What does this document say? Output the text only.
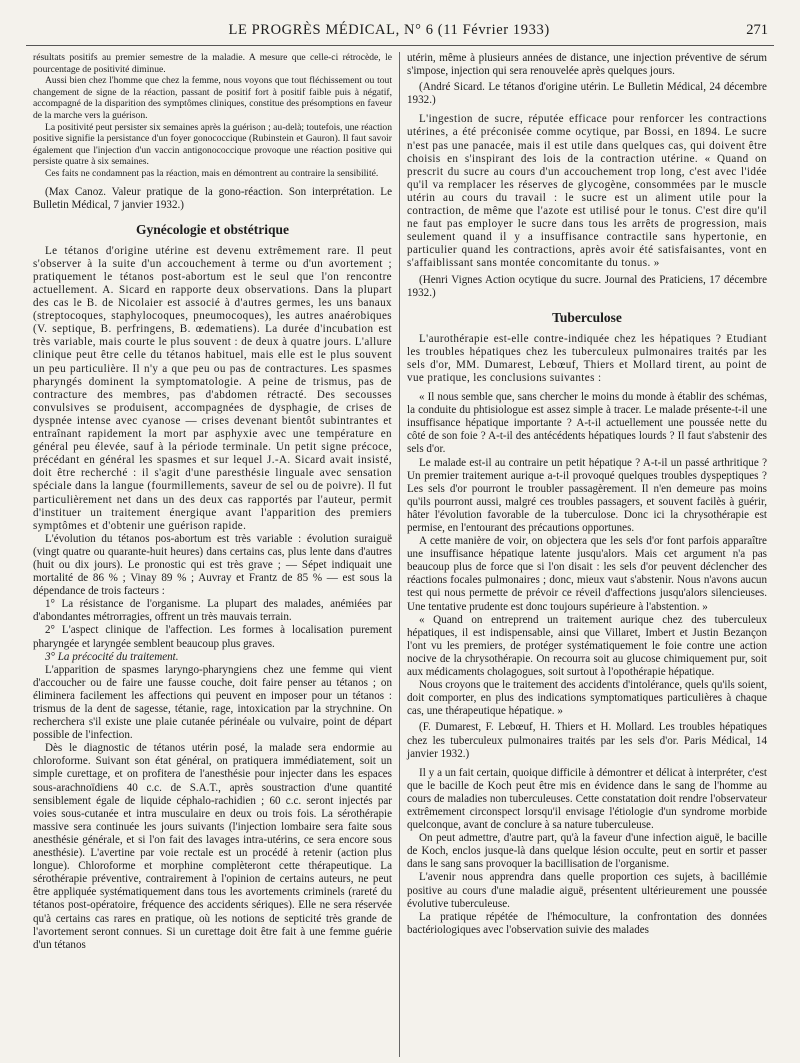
LE PROGRÈS MÉDICAL, N° 6 (11 Février 1933)	271

résultats positifs au premier semestre de la maladie. A mesure que celle-ci rétrocède, le pourcentage de positivité diminue.

Aussi bien chez l'homme que chez la femme, nous voyons que tout fléchissement ou tout changement de signe de la réaction, passant de positif fort à positif faible puis à négatif, accompagné de la disparition des symptômes cliniques, constitue des présomptions en faveur de la marche vers la guérison.

La positivité peut persister six semaines après la guérison ; au-delà; toutefois, une réaction positive signifie la persistance d'un foyer gonococcique (Rubinstein et Gauron). Il faut savoir également que l'injection d'un vaccin antigonococcique provoque une réaction positive qui persiste quatre à six semaines.

Ces faits ne condamnent pas la réaction, mais en démontrent au contraire la sensibilité.

(Max Canoz. Valeur pratique de la gono-réaction. Son interprétation. Le Bulletin Médical, 7 janvier 1932.)

Gynécologie et obstétrique

Le tétanos d'origine utérine est devenu extrêmement rare. Il peut s'observer à la suite d'un accouchement à terme ou d'un avortement ; pratiquement le tétanos post-abortum est le seul que l'on rencontre actuellement. A. Sicard en rapporte deux observations. Dans la plupart des cas le B. de Nicolaier est associé à d'autres germes, les uns banaux (streptocoques, staphylocoques, pneumocoques), les autres anaérobiques (V. septique, B. perfringens, B. œdematiens). La durée d'incubation est très variable, mais courte le plus souvent : de deux à quatre jours. L'allure clinique peut être celle du tétanos habituel, mais elle est le plus souvent un peu particulière. Il n'y a que peu ou pas de contractures. Les spasmes pharyngés dominent la symptomatologie. A peine de trismus, pas de contracture des membres, pas d'abdomen rétracté. Des secousses convulsives se produisent, accompagnées de dysphagie, de crises de dyspnée intense avec cyanose — crises devenant bientôt subintrantes et entraînant rapidement la mort par asphyxie avec une température en général peu élevée, sauf à la période terminale. Un petit signe précoce, précédant en général les spasmes et sur lequel J.-A. Sicard avait insisté, doit être recherché : il s'agit d'une paresthésie linguale avec sensation spéciale dans la langue (fourmillements, saveur de sel ou de poivre). Il fut particulièrement net dans un des deux cas rapportés par l'auteur, permit d'instituer un traitement énergique avant l'apparition des premiers symptômes et d'obtenir une guérison rapide.

L'évolution du tétanos pos-abortum est très variable : évolution suraiguë (vingt quatre ou quarante-huit heures) dans certains cas, plus lente dans d'autres (huit ou dix jours). Le pronostic qui est très grave ; — Sépet indiquait une mortalité de 86 % ; Vinay 89 % ; Auvray et Frantz de 85 % — est sous la dépendance de trois facteurs :

1° La résistance de l'organisme. La plupart des malades, anémiées par d'abondantes métrorragies, offrent un très mauvais terrain.

2° L'aspect clinique de l'affection. Les formes à localisation purement pharyngée et laryngée semblent beaucoup plus graves.

3° La précocité du traitement.

L'apparition de spasmes laryngo-pharyngiens chez une femme qui vient d'accoucher ou de faire une fausse couche, doit faire penser au tétanos ; on éliminera facilement les affections qui peuvent en imposer pour un tétanos : trismus de la dent de sagesse, tétanie, rage, intoxication par la strychnine. On recherchera s'il existe une plaie cutanée périnéale ou vulvaire, point de départ possible de l'infection.

Dès le diagnostic de tétanos utérin posé, la malade sera endormie au chloroforme. Suivant son état général, on pratiquera immédiatement, soit un simple curettage, et on profitera de l'anesthésie pour injecter dans les espaces sous-arachnoïdiens 40 c.c. de S.A.T., après soustraction d'une quantité sensiblement égale de liquide céphalo-rachidien ; 60 c.c. seront injectés par voies sous-cutanée et intra musculaire en deux ou trois fois. La sérothérapie massive sera continuée les jours suivants (l'injection lombaire sera faite sous anesthésie générale, et si l'on fait des lavages intra-utérins, ce sera encore sous anesthésie). L'avertine par voie rectale est un procédé à retenir (action plus longue). Chloroforme et morphine complèteront cette thérapeutique. La sérothérapie préventive, contrairement à l'opinion de certains auteurs, ne peut être appliquée systématiquement dans tous les avortements criminels (rareté du tétanos post-opératoire, fréquence des accidents sériques). Elle ne sera réservée qu'à certains cas rares en pratique, où les notions de septicité très grande de l'avortement seront connues. Si un curettage doit être fait à une femme guérie d'un tétanos

utérin, même à plusieurs années de distance, une injection préventive de sérum s'impose, injection qui sera renouvelée après quelques jours.

(André Sicard. Le tétanos d'origine utérin. Le Bulletin Médical, 24 décembre 1932.)

L'ingestion de sucre, réputée efficace pour renforcer les contractions utérines, a été préconisée comme ocytique, par Bossi, en 1894. Le sucre n'est pas une panacée, mais il est utile dans quelques cas, qui doivent être choisis en s'inspirant des lois de la contraction utérine. « Quand on prescrit du sucre au cours d'un accouchement trop long, c'est avec l'idée qu'il va remplacer les réserves de glycogène, consommées par le muscle utérin au cours du travail : le sucre est un aliment utile pour la contraction, de même que l'azote est utilisé pour le tonus. C'est dire qu'il ne faut pas employer le sucre dans tous les arrêts de progression, mais seulement quand il y a insuffisance contractile sans hypertonie, en particulier quand les contractions, après avoir été satisfaisantes, vont en s'affaiblissant sans montée concomitante du tonus. »

(Henri Vignes Action ocytique du sucre. Journal des Praticiens, 17 décembre 1932.)

Tuberculose

L'aurothérapie est-elle contre-indiquée chez les hépatiques ? Etudiant les troubles hépatiques chez les tuberculeux pulmonaires traités par les sels d'or, MM. Dumarest, Lebœuf, Thiers et Mollard tirent, au point de vue pratique, les conclusions suivantes :

« Il nous semble que, sans chercher le moins du monde à établir des schémas, la conduite du phtisiologue est assez simple à tracer. Le malade présente-t-il une insuffisance hépatique importante ? A-t-il actuellement une poussée nette du côté de son foie ? A-t-il des antécédents hépatiques lourds ? Il faut s'abstenir des sels d'or.

Le malade est-il au contraire un petit hépatique ? A-t-il un passé arthritique ? Un premier traitement aurique a-t-il provoqué quelques troubles dyspeptiques ? Les sels d'or pourront le troubler passagèrement. Il n'en demeure pas moins qu'ils pourront aussi, malgré ces troubles passagers, et souvent facilès à guérir, hâter l'évolution favorable de la tuberculose. Donc ici la chrysothérapie est permise, en l'entourant des précautions opportunes.

A cette manière de voir, on objectera que les sels d'or font parfois apparaître une insuffisance hépatique latente jusqu'alors. Mais cet argument n'a pas beaucoup plus de force que si l'on disait : les sels d'or peuvent déclencher des réactions focales pulmonaires ; donc, mieux vaut s'abstenir. Nous n'avons aucun test qui nous permette de prévoir ce réveil d'affections jusqu'alors silencieuses. Une tentative prudente est donc toujours supérieure à l'abstention. »

« Quand on entreprend un traitement aurique chez des tuberculeux hépatiques, il est indispensable, ainsi que Villaret, Imbert et Justin Bezançon l'ont vu les premiers, de protéger systématiquement le foie contre une action nocive de la chrysothérapie. On recourra soit au glucose chimiquement pur, soit aux médicaments cholagogues, soit surtout à l'opothérapie hépatique.

Nous croyons que le traitement des accidents d'intolérance, quels qu'ils soient, doit comporter, en plus des indications symptomatiques particulières à chaque cas, une thérapeutique hépatique. »

(F. Dumarest, F. Lebœuf, H. Thiers et H. Mollard. Les troubles hépatiques chez les tuberculeux pulmonaires traités par les sels d'or. Paris Médical, 14 janvier 1932.)

Il y a un fait certain, quoique difficile à démontrer et délicat à interpréter, c'est que le bacille de Koch peut être mis en évidence dans le sang de l'homme au cours de maladies non tuberculeuses. Cette constatation doit rendre l'observateur extrêmement circonspect lorsqu'il envisage l'étiologie d'un syndrome morbide quelconque, avant de conclure à sa nature tuberculeuse.

On peut admettre, d'autre part, qu'à la faveur d'une infection aiguë, le bacille de Koch, enclos jusque-là dans quelque lésion occulte, peut en sortir et passer dans le sang sans provoquer la bacillisation de l'organisme.

L'avenir nous apprendra dans quelle proportion ces sujets, à bacillémie positive au cours d'une maladie aiguë, présentent ultérieurement une poussée évolutive tuberculeuse.

La pratique répétée de l'hémoculture, la confrontation des données bactériologiques avec l'observation suivie des malades
